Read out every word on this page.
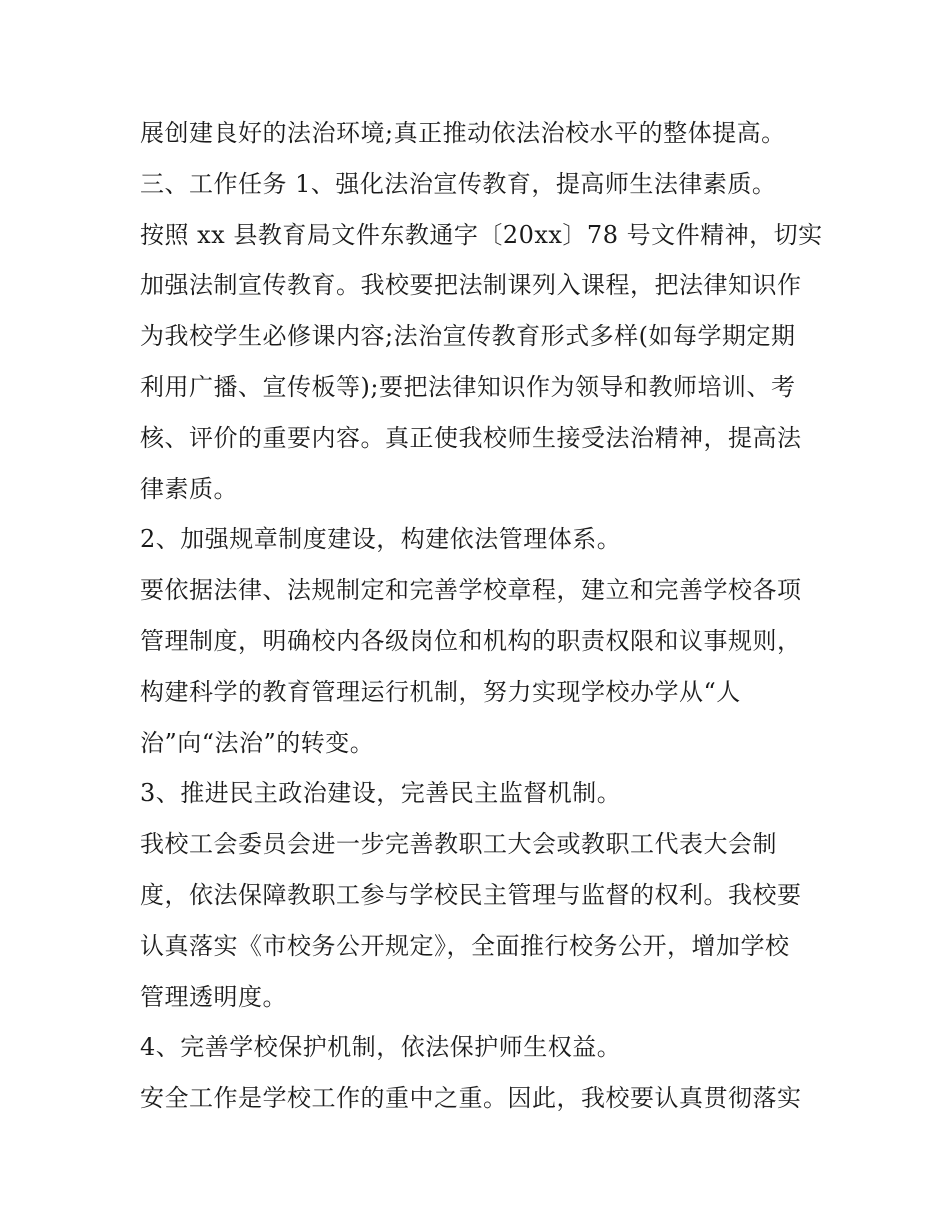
展创建良好的法治环境;真正推动依法治校水平的整体提高。
三、工作任务 1、强化法治宣传教育，提高师生法律素质。
按照 xx 县教育局文件东教通字〔20xx〕78 号文件精神，切实
加强法制宣传教育。我校要把法制课列入课程，把法律知识作
为我校学生必修课内容;法治宣传教育形式多样(如每学期定期
利用广播、宣传板等);要把法律知识作为领导和教师培训、考
核、评价的重要内容。真正使我校师生接受法治精神，提高法
律素质。
2、加强规章制度建设，构建依法管理体系。
要依据法律、法规制定和完善学校章程，建立和完善学校各项
管理制度，明确校内各级岗位和机构的职责权限和议事规则，
构建科学的教育管理运行机制，努力实现学校办学从“人
治”向“法治”的转变。
3、推进民主政治建设，完善民主监督机制。
我校工会委员会进一步完善教职工大会或教职工代表大会制
度，依法保障教职工参与学校民主管理与监督的权利。我校要
认真落实《市校务公开规定》，全面推行校务公开，增加学校
管理透明度。
4、完善学校保护机制，依法保护师生权益。
安全工作是学校工作的重中之重。因此，我校要认真贯彻落实
